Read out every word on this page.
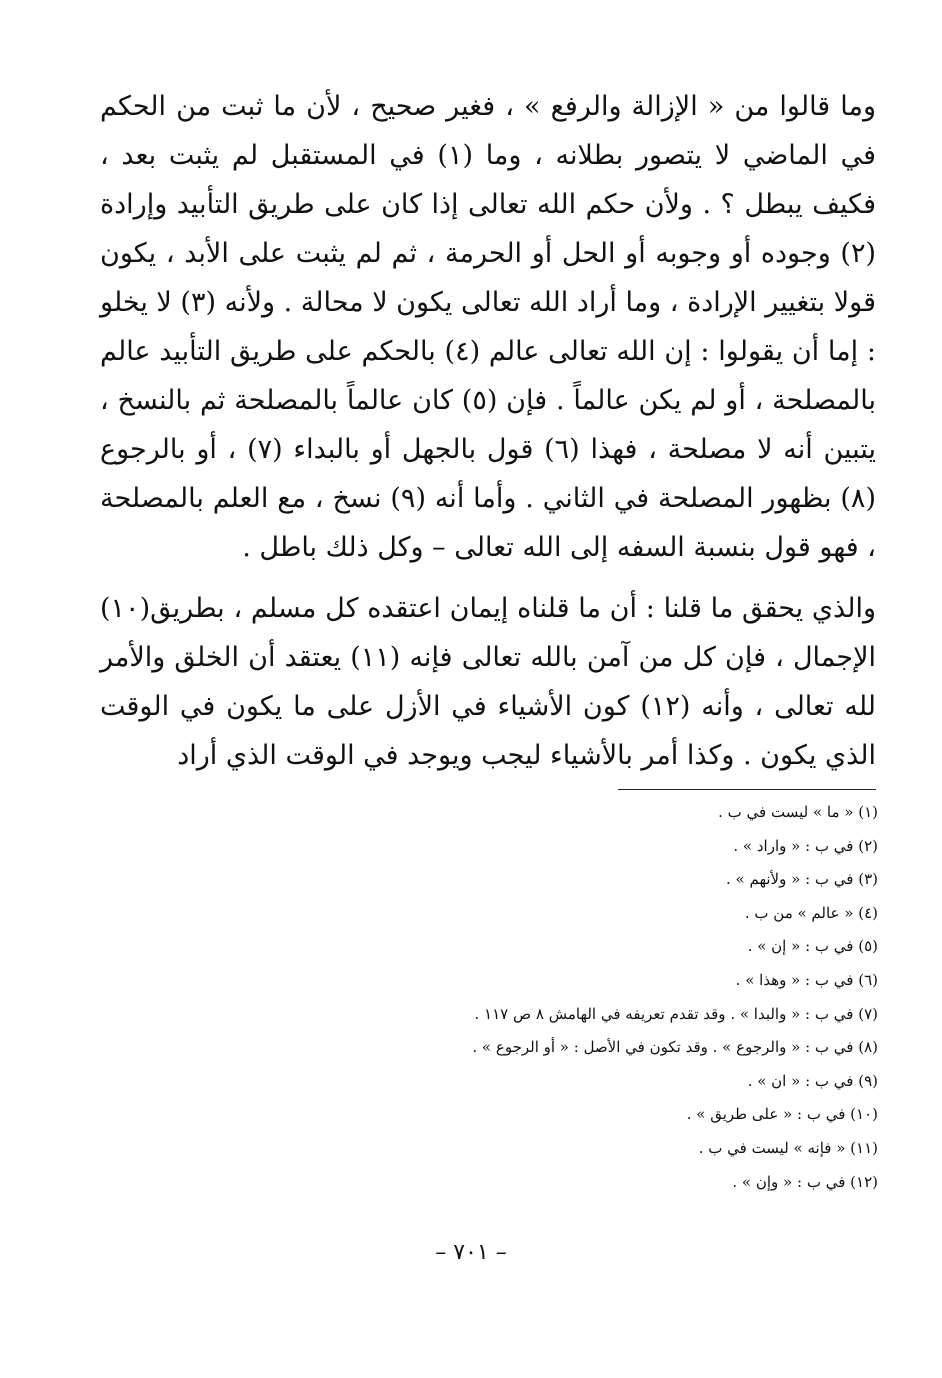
وما قالوا من « الإزالة والرفع » ، فغير صحيح ، لأن ما ثبت من الحكم في الماضي لا يتصور بطلانه ، وما (١) في المستقبل لم يثبت بعد ، فكيف يبطل ؟ . ولأن حكم الله تعالى إذا كان على طريق التأبيد وإرادة (٢) وجوده أو وجوبه أو الحل أو الحرمة ، ثم لم يثبت على الأبد ، يكون قولا بتغيير الإرادة ، وما أراد الله تعالى يكون لا محالة . ولأنه (٣) لا يخلو : إما أن يقولوا : إن الله تعالى عالم (٤) بالحكم على طريق التأبيد عالم بالمصلحة ، أو لم يكن عالماً . فإن (٥) كان عالماً بالمصلحة ثم بالنسخ ، يتبين أنه لا مصلحة ، فهذا (٦) قول بالجهل أو بالبداء (٧) ، أو بالرجوع (٨) بظهور المصلحة في الثاني . وأما أنه (٩) نسخ ، مع العلم بالمصلحة ، فهو قول بنسبة السفه إلى الله تعالى – وكل ذلك باطل .

والذي يحقق ما قلنا : أن ما قلناه إيمان اعتقده كل مسلم ، بطريق(١٠) الإجمال ، فإن كل من آمن بالله تعالى فإنه (١١) يعتقد أن الخلق والأمر لله تعالى ، وأنه (١٢) كون الأشياء في الأزل على ما يكون في الوقت الذي يكون . وكذا أمر بالأشياء ليجب ويوجد في الوقت الذي أراد

(١) « ما » ليست في ب .
(٢) في ب : « واراد » .
(٣) في ب : « ولأنهم » .
(٤) « عالم » من ب .
(٥) في ب : « إن » .
(٦) في ب : « وهذا » .
(٧) في ب : « والبدا » . وقد تقدم تعريفه في الهامش ٨ ص ١١٧ .
(٨) في ب : « والرجوع » . وقد تكون في الأصل : « أو الرجوع » .
(٩) في ب : « ان » .
(١٠) في ب : « على طريق » .
(١١) « فإنه » ليست في ب .
(١٢) في ب : « وإن » .
– ٧٠١ –
